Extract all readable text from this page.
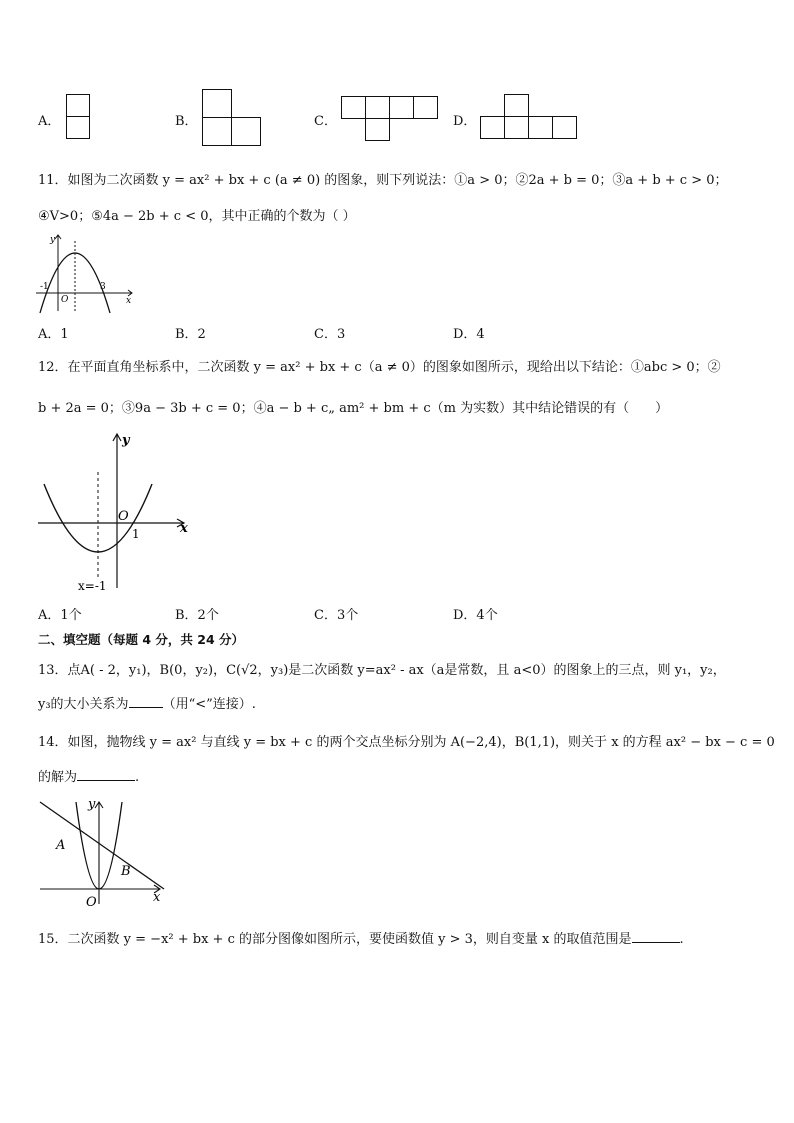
A．	B．	C．	D．
11．如图为二次函数 y = ax² + bx + c (a ≠ 0) 的图象，则下列说法：①a > 0；②2a + b = 0；③a + b + c > 0；
④V>0；⑤4a − 2b + c < 0，其中正确的个数为（ ）
y
x
-1
O
3
A．1	B．2	C．3	D．4
12．在平面直角坐标系中，二次函数 y = ax² + bx + c（a ≠ 0）的图象如图所示，现给出以下结论：①abc > 0；②
b + 2a = 0；③9a − 3b + c = 0；④a − b + c„ am² + bm + c（m 为实数）其中结论错误的有（　　）
y
x
O
1
x=-1
A．1个	B．2个	C．3个	D．4个
二、填空题（每题 4 分，共 24 分）
13．点A( - 2，y₁)，B(0，y₂)，C(√2，y₃)是二次函数 y=ax² - ax（a是常数，且 a<0）的图象上的三点，则 y₁，y₂，
y₃的大小关系为	（用“<”连接）.
14．如图，抛物线 y = ax² 与直线 y = bx + c 的两个交点坐标分别为 A(−2,4)，B(1,1)，则关于 x 的方程 ax² − bx − c = 0
的解为	.
y
x
O
A
B
15．二次函数 y = −x² + bx + c 的部分图像如图所示，要使函数值 y > 3，则自变量 x 的取值范围是	.
